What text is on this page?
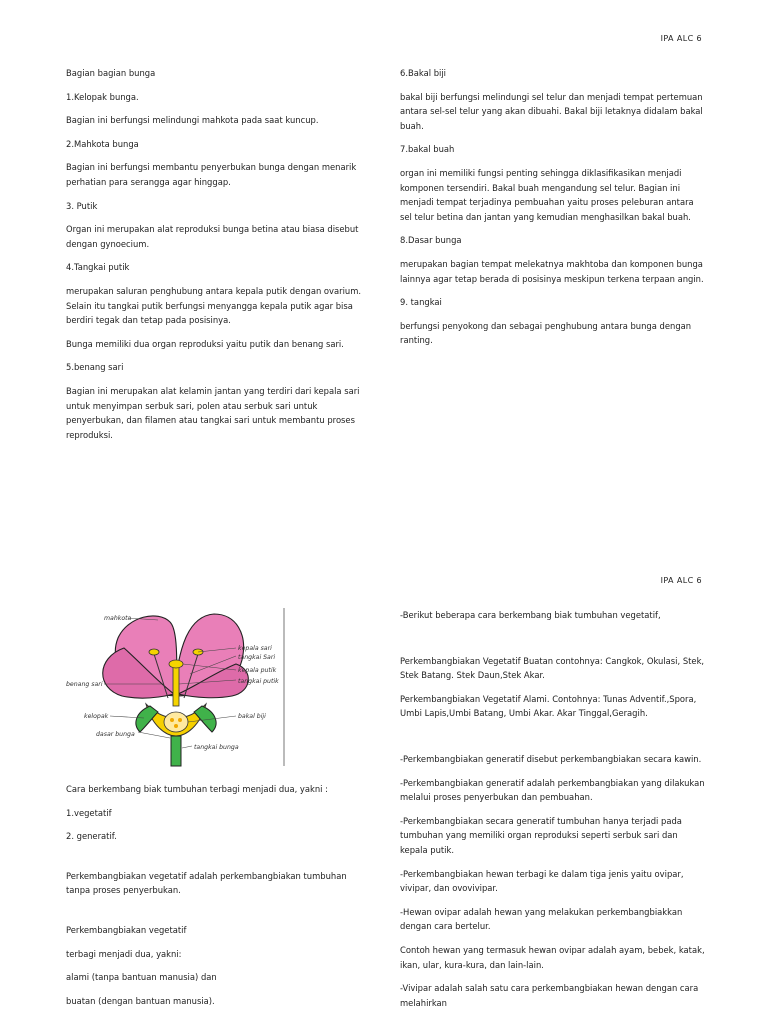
IPA ALC 6

Bagian bagian bunga

1.Kelopak bunga.

Bagian ini berfungsi melindungi mahkota pada saat kuncup.

2.Mahkota bunga

Bagian ini berfungsi membantu penyerbukan bunga dengan menarik perhatian para serangga agar hinggap.

3. Putik

Organ ini merupakan alat reproduksi bunga betina atau biasa disebut dengan gynoecium.

4.Tangkai putik

merupakan saluran penghubung antara kepala putik dengan ovarium. Selain itu tangkai putik berfungsi menyangga kepala putik agar bisa berdiri tegak dan tetap pada posisinya.

Bunga memiliki dua organ reproduksi yaitu putik dan benang sari.

5.benang sari

Bagian ini merupakan alat kelamin jantan yang terdiri dari kepala sari untuk menyimpan serbuk sari, polen atau serbuk sari untuk penyerbukan, dan filamen atau tangkai sari untuk membantu proses reproduksi.

6.Bakal biji

bakal biji berfungsi melindungi sel telur dan menjadi tempat pertemuan antara sel-sel telur yang akan dibuahi. Bakal biji letaknya didalam bakal buah.

7.bakal buah

organ ini memiliki fungsi penting sehingga diklasifikasikan menjadi komponen tersendiri. Bakal buah mengandung sel telur. Bagian ini menjadi tempat terjadinya pembuahan yaitu proses peleburan antara sel telur betina dan jantan yang kemudian menghasilkan bakal buah.

8.Dasar bunga

merupakan bagian tempat melekatnya makhtoba dan komponen bunga lainnya agar tetap berada di posisinya meskipun terkena terpaan angin.

9. tangkai

berfungsi penyokong dan sebagai penghubung antara bunga dengan ranting.

IPA ALC 6
mahkota
kepala sari
tangkai Sari
benang sari
kepala putik
tangkai putik
kelopak	bakal biji
dasar bunga
tangkai bunga

Cara berkembang biak tumbuhan terbagi menjadi dua, yakni :

1.vegetatif

2. generatif.

Perkembangbiakan vegetatif adalah perkembangbiakan tumbuhan tanpa proses penyerbukan.

Perkembangbiakan vegetatif

terbagi menjadi dua, yakni:

alami (tanpa bantuan manusia) dan

buatan (dengan bantuan manusia).

-Berikut beberapa cara berkembang biak tumbuhan vegetatif,

Perkembangbiakan Vegetatif Buatan contohnya: Cangkok, Okulasi, Stek, Stek Batang. Stek Daun,Stek Akar.

Perkembangbiakan Vegetatif Alami. Contohnya: Tunas Adventif.,Spora, Umbi Lapis,Umbi Batang, Umbi Akar. Akar Tinggal,Geragih.

-Perkembangbiakan generatif disebut perkembangbiakan secara kawin.

-Perkembangbiakan generatif adalah perkembangbiakan yang dilakukan melalui proses penyerbukan dan pembuahan.

-Perkembangbiakan secara generatif tumbuhan hanya terjadi pada tumbuhan yang memiliki organ reproduksi seperti serbuk sari dan kepala putik.

-Perkembangbiakan hewan terbagi ke dalam tiga jenis yaitu ovipar, vivipar, dan ovovivipar.

-Hewan ovipar adalah hewan yang melakukan perkembangbiakkan dengan cara bertelur.

Contoh hewan yang termasuk hewan ovipar adalah ayam, bebek, katak, ikan, ular, kura-kura, dan lain-lain.

-Vivipar adalah salah satu cara perkembangbiakan hewan dengan cara melahirkan
